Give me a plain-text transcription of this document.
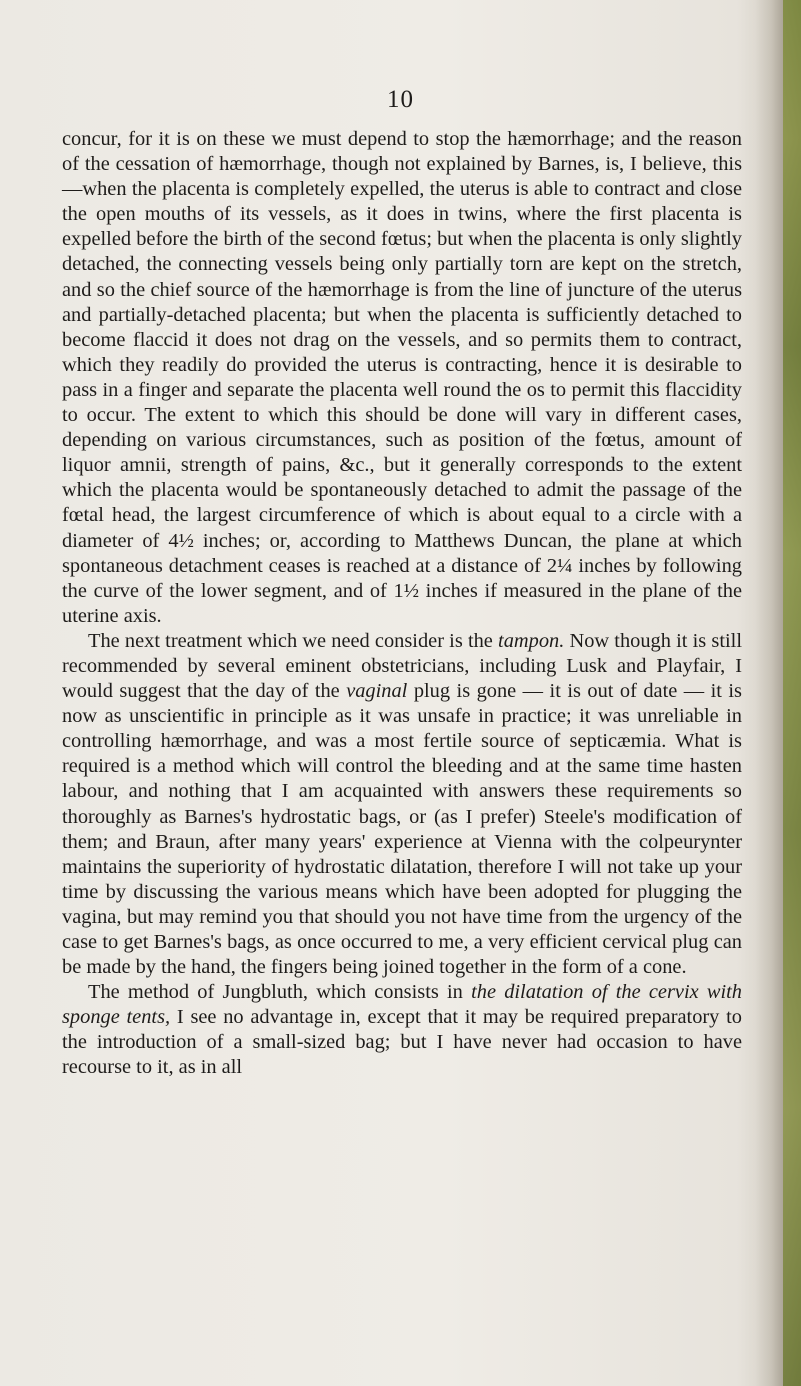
10

concur, for it is on these we must depend to stop the hæmorrhage; and the reason of the cessation of hæmorrhage, though not explained by Barnes, is, I believe, this—when the placenta is completely expelled, the uterus is able to contract and close the open mouths of its vessels, as it does in twins, where the first placenta is expelled before the birth of the second fœtus; but when the placenta is only slightly detached, the connecting vessels being only partially torn are kept on the stretch, and so the chief source of the hæmorrhage is from the line of juncture of the uterus and partially-detached placenta; but when the placenta is sufficiently detached to become flaccid it does not drag on the vessels, and so permits them to contract, which they readily do provided the uterus is contracting, hence it is desirable to pass in a finger and separate the placenta well round the os to permit this flaccidity to occur. The extent to which this should be done will vary in different cases, depending on various circumstances, such as position of the fœtus, amount of liquor amnii, strength of pains, &c., but it generally corresponds to the extent which the placenta would be spontaneously detached to admit the passage of the fœtal head, the largest circumference of which is about equal to a circle with a diameter of 4½ inches; or, according to Matthews Duncan, the plane at which spontaneous detachment ceases is reached at a distance of 2¼ inches by following the curve of the lower segment, and of 1½ inches if measured in the plane of the uterine axis.

The next treatment which we need consider is the tampon. Now though it is still recommended by several eminent obstetricians, including Lusk and Playfair, I would suggest that the day of the vaginal plug is gone — it is out of date — it is now as unscientific in principle as it was unsafe in practice; it was unreliable in controlling hæmorrhage, and was a most fertile source of septicæmia. What is required is a method which will control the bleeding and at the same time hasten labour, and nothing that I am acquainted with answers these requirements so thoroughly as Barnes's hydrostatic bags, or (as I prefer) Steele's modification of them; and Braun, after many years' experience at Vienna with the colpeurynter maintains the superiority of hydrostatic dilatation, therefore I will not take up your time by discussing the various means which have been adopted for plugging the vagina, but may remind you that should you not have time from the urgency of the case to get Barnes's bags, as once occurred to me, a very efficient cervical plug can be made by the hand, the fingers being joined together in the form of a cone.

The method of Jungbluth, which consists in the dilatation of the cervix with sponge tents, I see no advantage in, except that it may be required preparatory to the introduction of a small-sized bag; but I have never had occasion to have recourse to it, as in all
